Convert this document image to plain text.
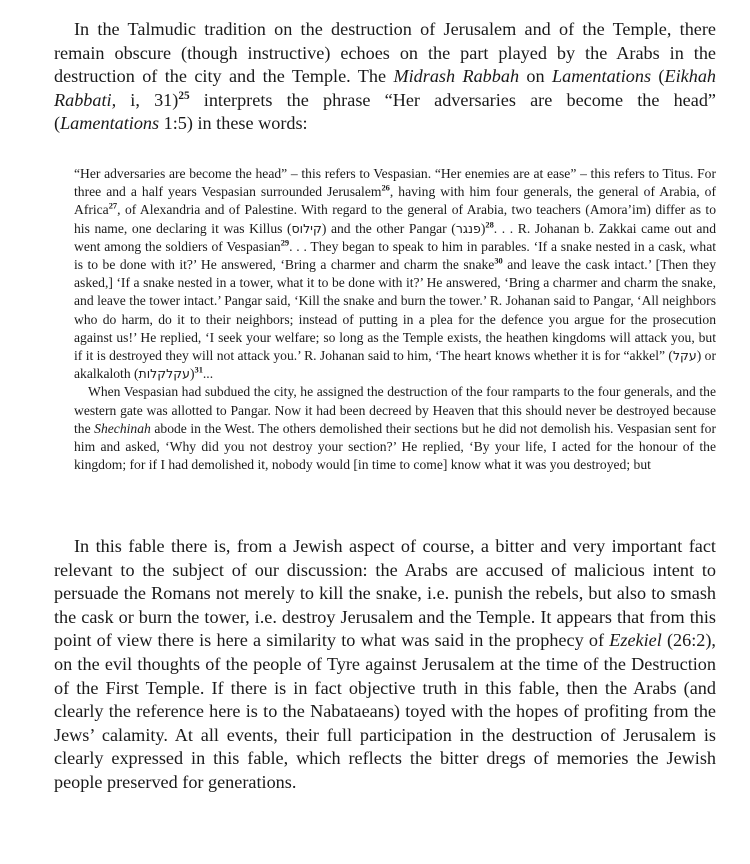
In the Talmudic tradition on the destruction of Jerusalem and of the Temple, there remain obscure (though instructive) echoes on the part played by the Arabs in the destruction of the city and the Temple. The Midrash Rabbah on Lamentations (Eikhah Rabbati, i, 31)$^{25}$ interprets the phrase “Her adversaries are become the head” (Lamentations 1:5) in these words:

“Her adversaries are become the head” – this refers to Vespasian. “Her enemies are at ease” – this refers to Titus. For three and a half years Vespasian surrounded Jerusalem$^{26}$, having with him four generals, the general of Arabia, of Africa$^{27}$, of Alexandria and of Palestine. With regard to the general of Arabia, two teachers (Amora’im) differ as to his name, one declaring it was Killus (קילוס) and the other Pangar (פנגר)$^{28}$. . . R. Johanan b. Zakkai came out and went among the soldiers of Vespasian$^{29}$. . . They began to speak to him in parables. ‘If a snake nested in a cask, what is to be done with it?’ He answered, ‘Bring a charmer and charm the snake$^{30}$ and leave the cask intact.’ [Then they asked,] ‘If a snake nested in a tower, what it to be done with it?’ He answered, ‘Bring a charmer and charm the snake, and leave the tower intact.’ Pangar said, ‘Kill the snake and burn the tower.’ R. Johanan said to Pangar, ‘All neighbors who do harm, do it to their neighbors; instead of putting in a plea for the defence you argue for the prosecution against us!’ He replied, ‘I seek your welfare; so long as the Temple exists, the heathen kingdoms will attack you, but if it is destroyed they will not attack you.’ R. Johanan said to him, ‘The heart knows whether it is for “akkel” (עקל) or akalkaloth (עקלקלות)$^{31}$...

When Vespasian had subdued the city, he assigned the destruction of the four ramparts to the four generals, and the western gate was allotted to Pangar. Now it had been decreed by Heaven that this should never be destroyed because the Shechinah abode in the West. The others demolished their sections but he did not demolish his. Vespasian sent for him and asked, ‘Why did you not destroy your section?’ He replied, ‘By your life, I acted for the honour of the kingdom; for if I had demolished it, nobody would [in time to come] know what it was you destroyed; but

In this fable there is, from a Jewish aspect of course, a bitter and very important fact relevant to the subject of our discussion: the Arabs are accused of malicious intent to persuade the Romans not merely to kill the snake, i.e. punish the rebels, but also to smash the cask or burn the tower, i.e. destroy Jerusalem and the Temple. It appears that from this point of view there is here a similarity to what was said in the prophecy of Ezekiel (26:2), on the evil thoughts of the people of Tyre against Jerusalem at the time of the Destruction of the First Temple. If there is in fact objective truth in this fable, then the Arabs (and clearly the reference here is to the Nabataeans) toyed with the hopes of profiting from the Jews’ calamity. At all events, their full participation in the destruction of Jerusalem is clearly expressed in this fable, which reflects the bitter dregs of memories the Jewish people preserved for generations.
